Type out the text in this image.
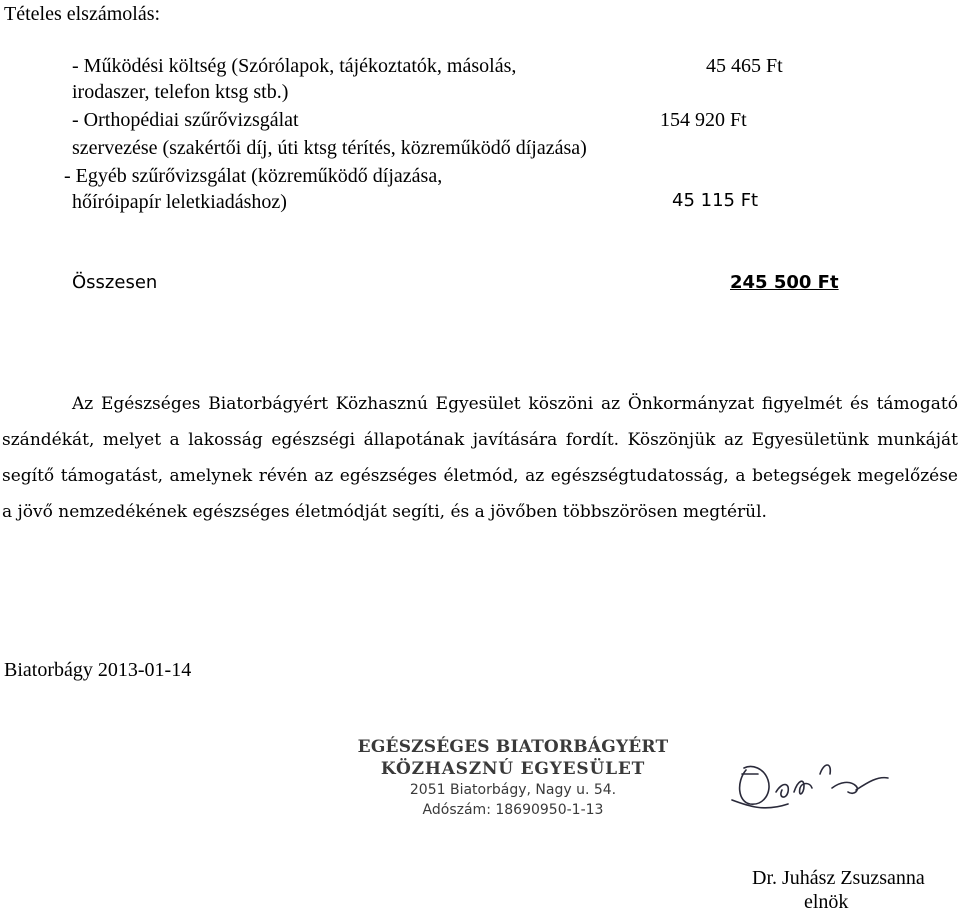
Tételes elszámolás:
- Működési költség (Szórólapok, tájékoztatók, másolás,	45 465 Ft
irodaszer, telefon ktsg stb.)
- Orthopédiai szűrővizsgálat	154 920 Ft
szervezése (szakértői díj, úti ktsg térítés, közreműködő díjazása)
- Egyéb szűrővizsgálat (közreműködő díjazása,
hőíróipapír leletkiadáshoz)	45 115 Ft
Összesen	245 500 Ft
Az Egészséges Biatorbágyért Közhasznú Egyesület köszöni az Önkormányzat figyelmét és támogató szándékát, melyet a lakosság egészségi állapotának javítására fordít. Köszönjük az Egyesületünk munkáját segítő támogatást, amelynek révén az egészséges életmód, az egészségtudatosság, a betegségek megelőzése a jövő nemzedékének egészséges életmódját segíti, és a jövőben többszörösen megtérül.
Biatorbágy 2013-01-14
EGÉSZSÉGES BIATORBÁGYÉRT
KÖZHASZNÚ EGYESÜLET
2051 Biatorbágy, Nagy u. 54.
Adószám: 18690950-1-13
Dr. Juhász Zsuzsanna
elnök
